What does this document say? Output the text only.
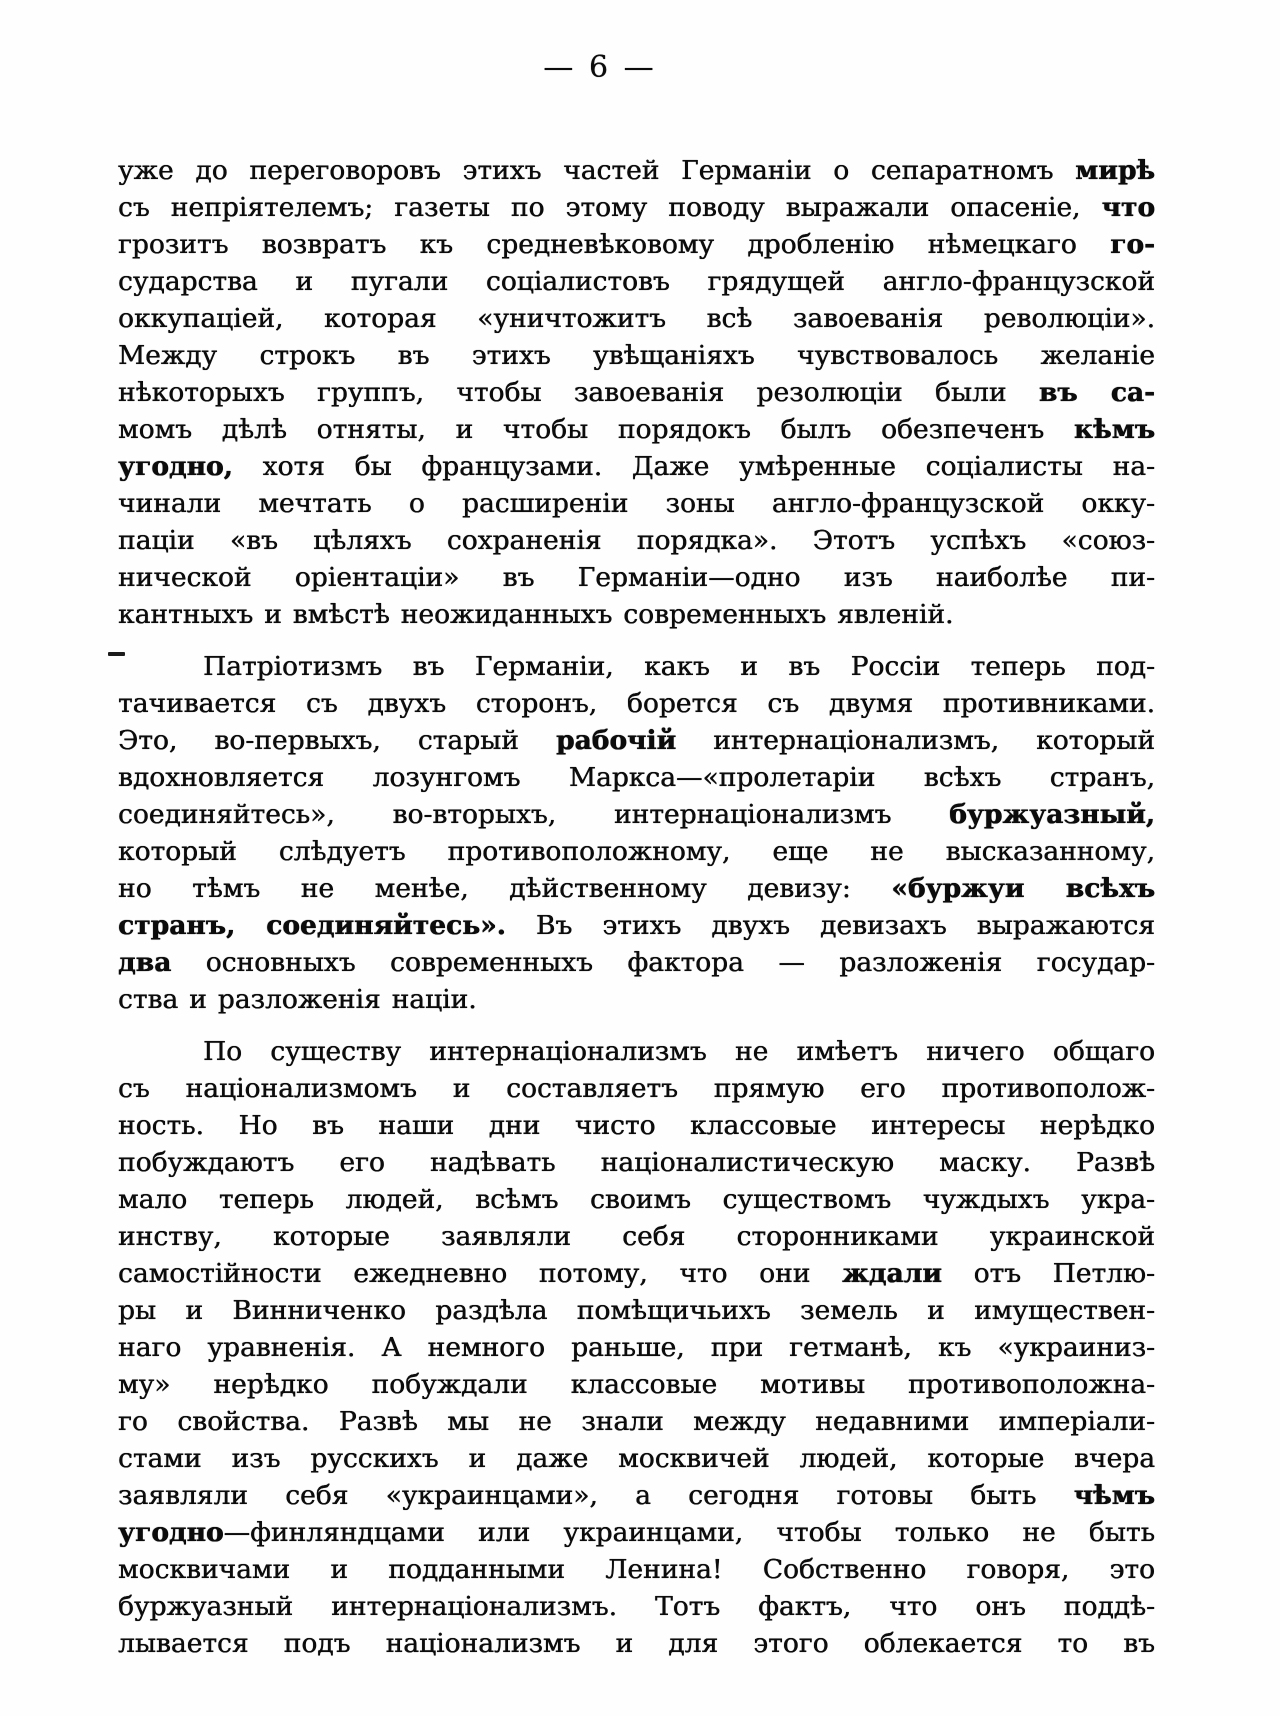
— 6 —
уже до переговоровъ этихъ частей Германіи о сепаратномъ мирѣ
съ непріятелемъ; газеты по этому поводу выражали опасеніе, что
грозитъ возвратъ къ средневѣковому дробленію нѣмецкаго го-
сударства и пугали соціалистовъ грядущей англо-французской
оккупаціей, которая «уничтожитъ всѣ завоеванія революціи».
Между строкъ въ этихъ увѣщаніяхъ чувствовалось желаніе
нѣкоторыхъ группъ, чтобы завоеванія резолюціи были въ са-
момъ дѣлѣ отняты, и чтобы порядокъ былъ обезпеченъ кѣмъ
угодно, хотя бы французами. Даже умѣренные соціалисты на-
чинали мечтать о расширеніи зоны англо-французской окку-
паціи «въ цѣляхъ сохраненія порядка». Этотъ успѣхъ «союз-
нической оріентаціи» въ Германіи—одно изъ наиболѣе пи-
кантныхъ и вмѣстѣ неожиданныхъ современныхъ явленій.
Патріотизмъ въ Германіи, какъ и въ Россіи теперь под-
тачивается съ двухъ сторонъ, борется съ двумя противниками.
Это, во-первыхъ, старый рабочій интернаціонализмъ, который
вдохновляется лозунгомъ Маркса—«пролетаріи всѣхъ странъ,
соединяйтесь», во-вторыхъ, интернаціонализмъ буржуазный,
который слѣдуетъ противоположному, еще не высказанному,
но тѣмъ не менѣе, дѣйственному девизу: «буржуи всѣхъ
странъ, соединяйтесь». Въ этихъ двухъ девизахъ выражаются
два основныхъ современныхъ фактора — разложенія государ-
ства и разложенія націи.
По существу интернаціонализмъ не имѣетъ ничего общаго
съ націонализмомъ и составляетъ прямую его противополож-
ность. Но въ наши дни чисто классовые интересы нерѣдко
побуждаютъ его надѣвать націоналистическую маску. Развѣ
мало теперь людей, всѣмъ своимъ существомъ чуждыхъ укра-
инству, которые заявляли себя сторонниками украинской
самостійности ежедневно потому, что они ждали отъ Петлю-
ры и Винниченко раздѣла помѣщичьихъ земель и имуществен-
наго уравненія. А немного раньше, при гетманѣ, къ «украиниз-
му» нерѣдко побуждали классовые мотивы противоположна-
го свойства. Развѣ мы не знали между недавними имперіали-
стами изъ русскихъ и даже москвичей людей, которые вчера
заявляли себя «украинцами», а сегодня готовы быть чѣмъ
угодно—финляндцами или украинцами, чтобы только не быть
москвичами и подданными Ленина! Собственно говоря, это
буржуазный интернаціонализмъ. Тотъ фактъ, что онъ поддѣ-
лывается подъ націонализмъ и для этого облекается то въ
